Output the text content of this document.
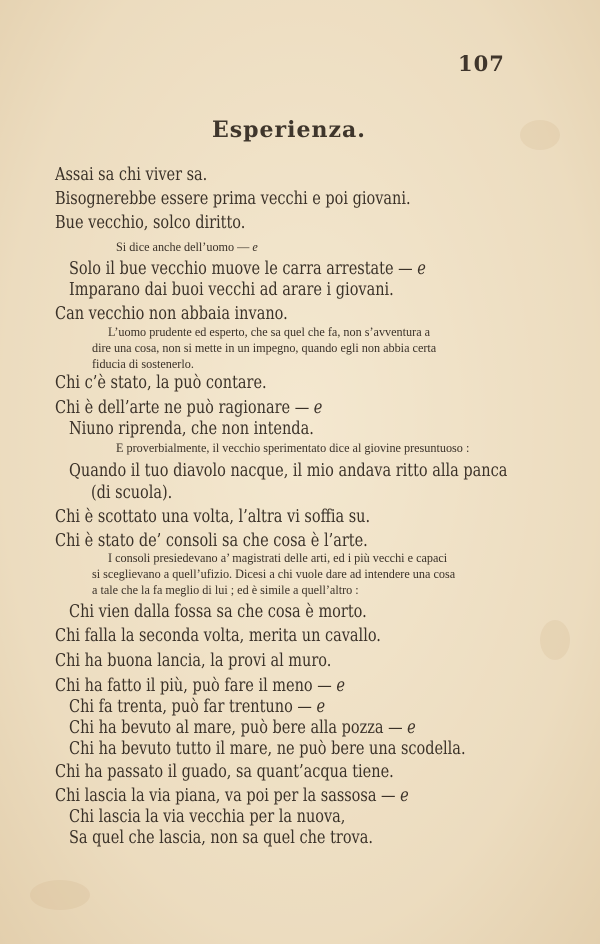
107
Esperienza.
Assai sa chi viver sa.
Bisognerebbe essere prima vecchi e poi giovani.
Bue vecchio, solco diritto.
Si dice anche dell’uomo — e
Solo il bue vecchio muove le carra arrestate — e
Imparano dai buoi vecchi ad arare i giovani.
Can vecchio non abbaia invano.
L’uomo prudente ed esperto, che sa quel che fa, non s’avventura a
dire una cosa, non si mette in un impegno, quando egli non abbia certa
fiducia di sostenerlo.
Chi c’è stato, la può contare.
Chi è dell’arte ne può ragionare — e
Niuno riprenda, che non intenda.
E proverbialmente, il vecchio sperimentato dice al giovine presuntuoso :
Quando il tuo diavolo nacque, il mio andava ritto alla panca
(di scuola).
Chi è scottato una volta, l’altra vi soffia su.
Chi è stato de’ consoli sa che cosa è l’arte.
I consoli presiedevano a’ magistrati delle arti, ed i più vecchi e capaci
si sceglievano a quell’ufizio. Dicesi a chi vuole dare ad intendere una cosa
a tale che la fa meglio di lui ; ed è simile a quell’altro :
Chi vien dalla fossa sa che cosa è morto.
Chi falla la seconda volta, merita un cavallo.
Chi ha buona lancia, la provi al muro.
Chi ha fatto il più, può fare il meno — e
Chi fa trenta, può far trentuno — e
Chi ha bevuto al mare, può bere alla pozza — e
Chi ha bevuto tutto il mare, ne può bere una scodella.
Chi ha passato il guado, sa quant’acqua tiene.
Chi lascia la via piana, va poi per la sassosa — e
Chi lascia la via vecchia per la nuova,
Sa quel che lascia, non sa quel che trova.
